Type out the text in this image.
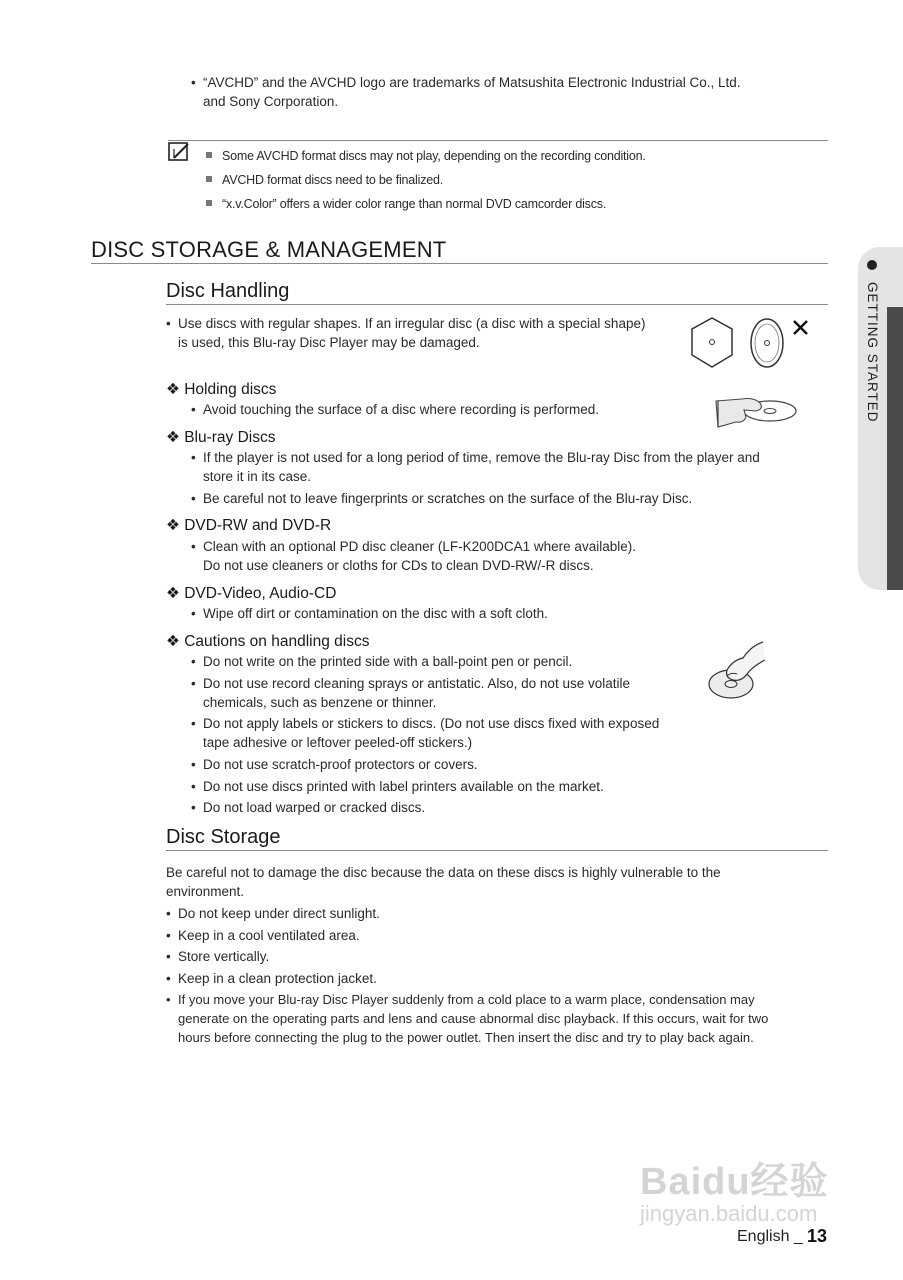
• “AVCHD” and the AVCHD logo are trademarks of Matsushita Electronic Industrial Co., Ltd.
and Sony Corporation.
Some AVCHD format discs may not play, depending on the recording condition.
AVCHD format discs need to be finalized.
“x.v.Color” offers a wider color range than normal DVD camcorder discs.
DISC STORAGE & MANAGEMENT
Disc Handling
• Use discs with regular shapes. If an irregular disc (a disc with a special shape)
is used, this Blu-ray Disc Player may be damaged.
❖ Holding discs
• Avoid touching the surface of a disc where recording is performed.
❖ Blu-ray Discs
• If the player is not used for a long period of time, remove the Blu-ray Disc from the player and
store it in its case.
• Be careful not to leave fingerprints or scratches on the surface of the Blu-ray Disc.
❖ DVD-RW and DVD-R
• Clean with an optional PD disc cleaner (LF-K200DCA1 where available).
Do not use cleaners or cloths for CDs to clean DVD-RW/-R discs.
❖ DVD-Video, Audio-CD
• Wipe off dirt or contamination on the disc with a soft cloth.
❖ Cautions on handling discs
• Do not write on the printed side with a ball-point pen or pencil.
• Do not use record cleaning sprays or antistatic. Also, do not use volatile
chemicals, such as benzene or thinner.
• Do not apply labels or stickers to discs. (Do not use discs fixed with exposed
tape adhesive or leftover peeled-off stickers.)
• Do not use scratch-proof protectors or covers.
• Do not use discs printed with label printers available on the market.
• Do not load warped or cracked discs.
Disc Storage
Be careful not to damage the disc because the data on these discs is highly vulnerable to the
environment.
• Do not keep under direct sunlight.
• Keep in a cool ventilated area.
• Store vertically.
• Keep in a clean protection jacket.
• If you move your Blu-ray Disc Player suddenly from a cold place to a warm place, condensation may
generate on the operating parts and lens and cause abnormal disc playback. If this occurs, wait for two
hours before connecting the plug to the power outlet. Then insert the disc and try to play back again.
GETTING STARTED
Baidu经验
jingyan.baidu.com
English _ 13
